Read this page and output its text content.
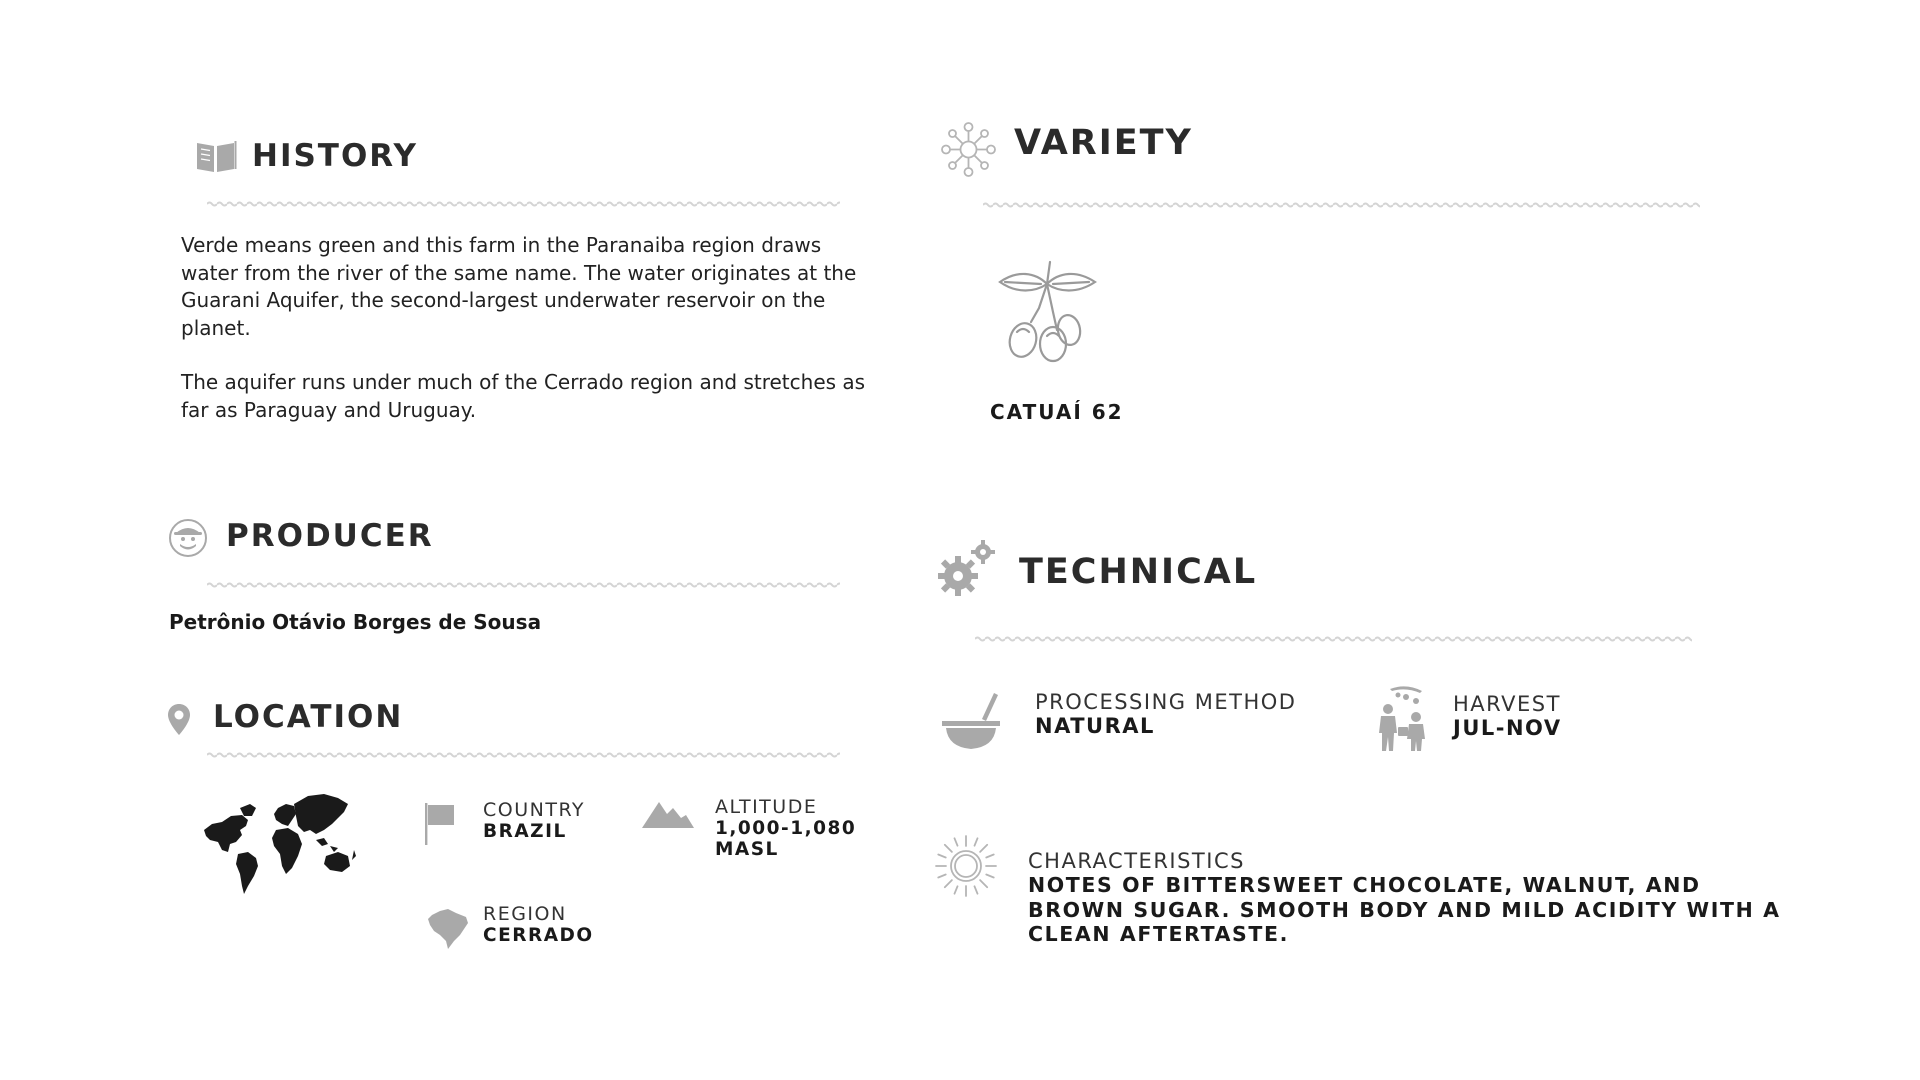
HISTORY

Verde means green and this farm in the Paranaiba region draws water from the river of the same name. The water originates at the Guarani Aquifer, the second-largest underwater reservoir on the planet.

The aquifer runs under much of the Cerrado region and stretches as far as Paraguay and Uruguay.

PRODUCER
Petrônio Otávio Borges de Sousa
LOCATION
COUNTRY
BRAZIL
ALTITUDE
1,000-1,080 MASL
REGION
CERRADO
VARIETY
CATUAÍ 62
TECHNICAL
PROCESSING METHOD
NATURAL
HARVEST
JUL-NOV
CHARACTERISTICS
NOTES OF BITTERSWEET CHOCOLATE, WALNUT, AND BROWN SUGAR. SMOOTH BODY AND MILD ACIDITY WITH A CLEAN AFTERTASTE.
